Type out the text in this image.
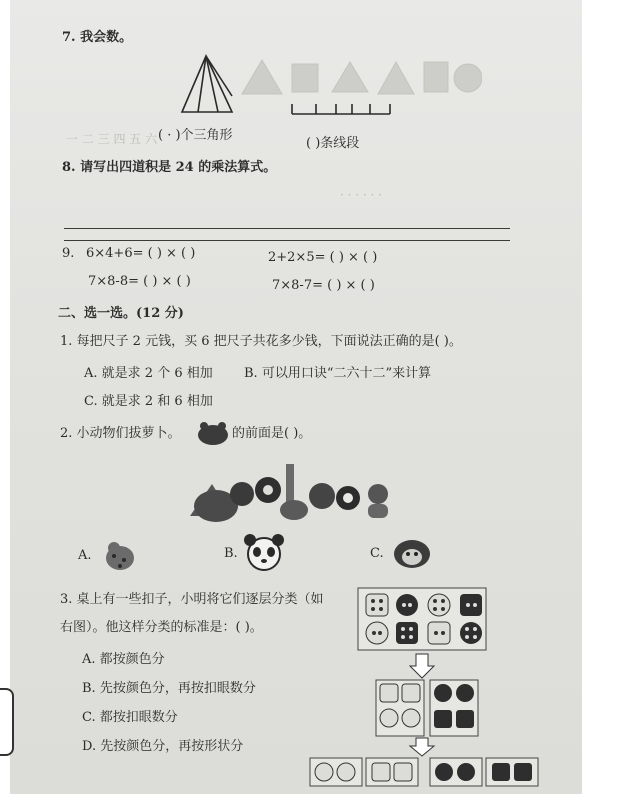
一 二 三 四 五 六
· · · · · ·
7. 我会数。
( · )个三角形
( )条线段
8. 请写出四道积是 24 的乘法算式。
9. 6×4+6= ( ) × ( )	2+2×5= ( ) × ( )
7×8-8= ( ) × ( )	7×8-7= ( ) × ( )
二、选一选。(12 分)
1. 每把尺子 2 元钱，买 6 把尺子共花多少钱，下面说法正确的是( )。
A. 就是求 2 个 6 相加 B. 可以用口诀“二六十二”来计算
C. 就是求 2 和 6 相加
2. 小动物们拔萝卜。	的前面是( )。
A.	B.	C.
3. 桌上有一些扣子，小明将它们逐层分类（如
右图）。他这样分类的标准是：( )。
A. 都按颜色分
B. 先按颜色分，再按扣眼数分
C. 都按扣眼数分
D. 先按颜色分，再按形状分
